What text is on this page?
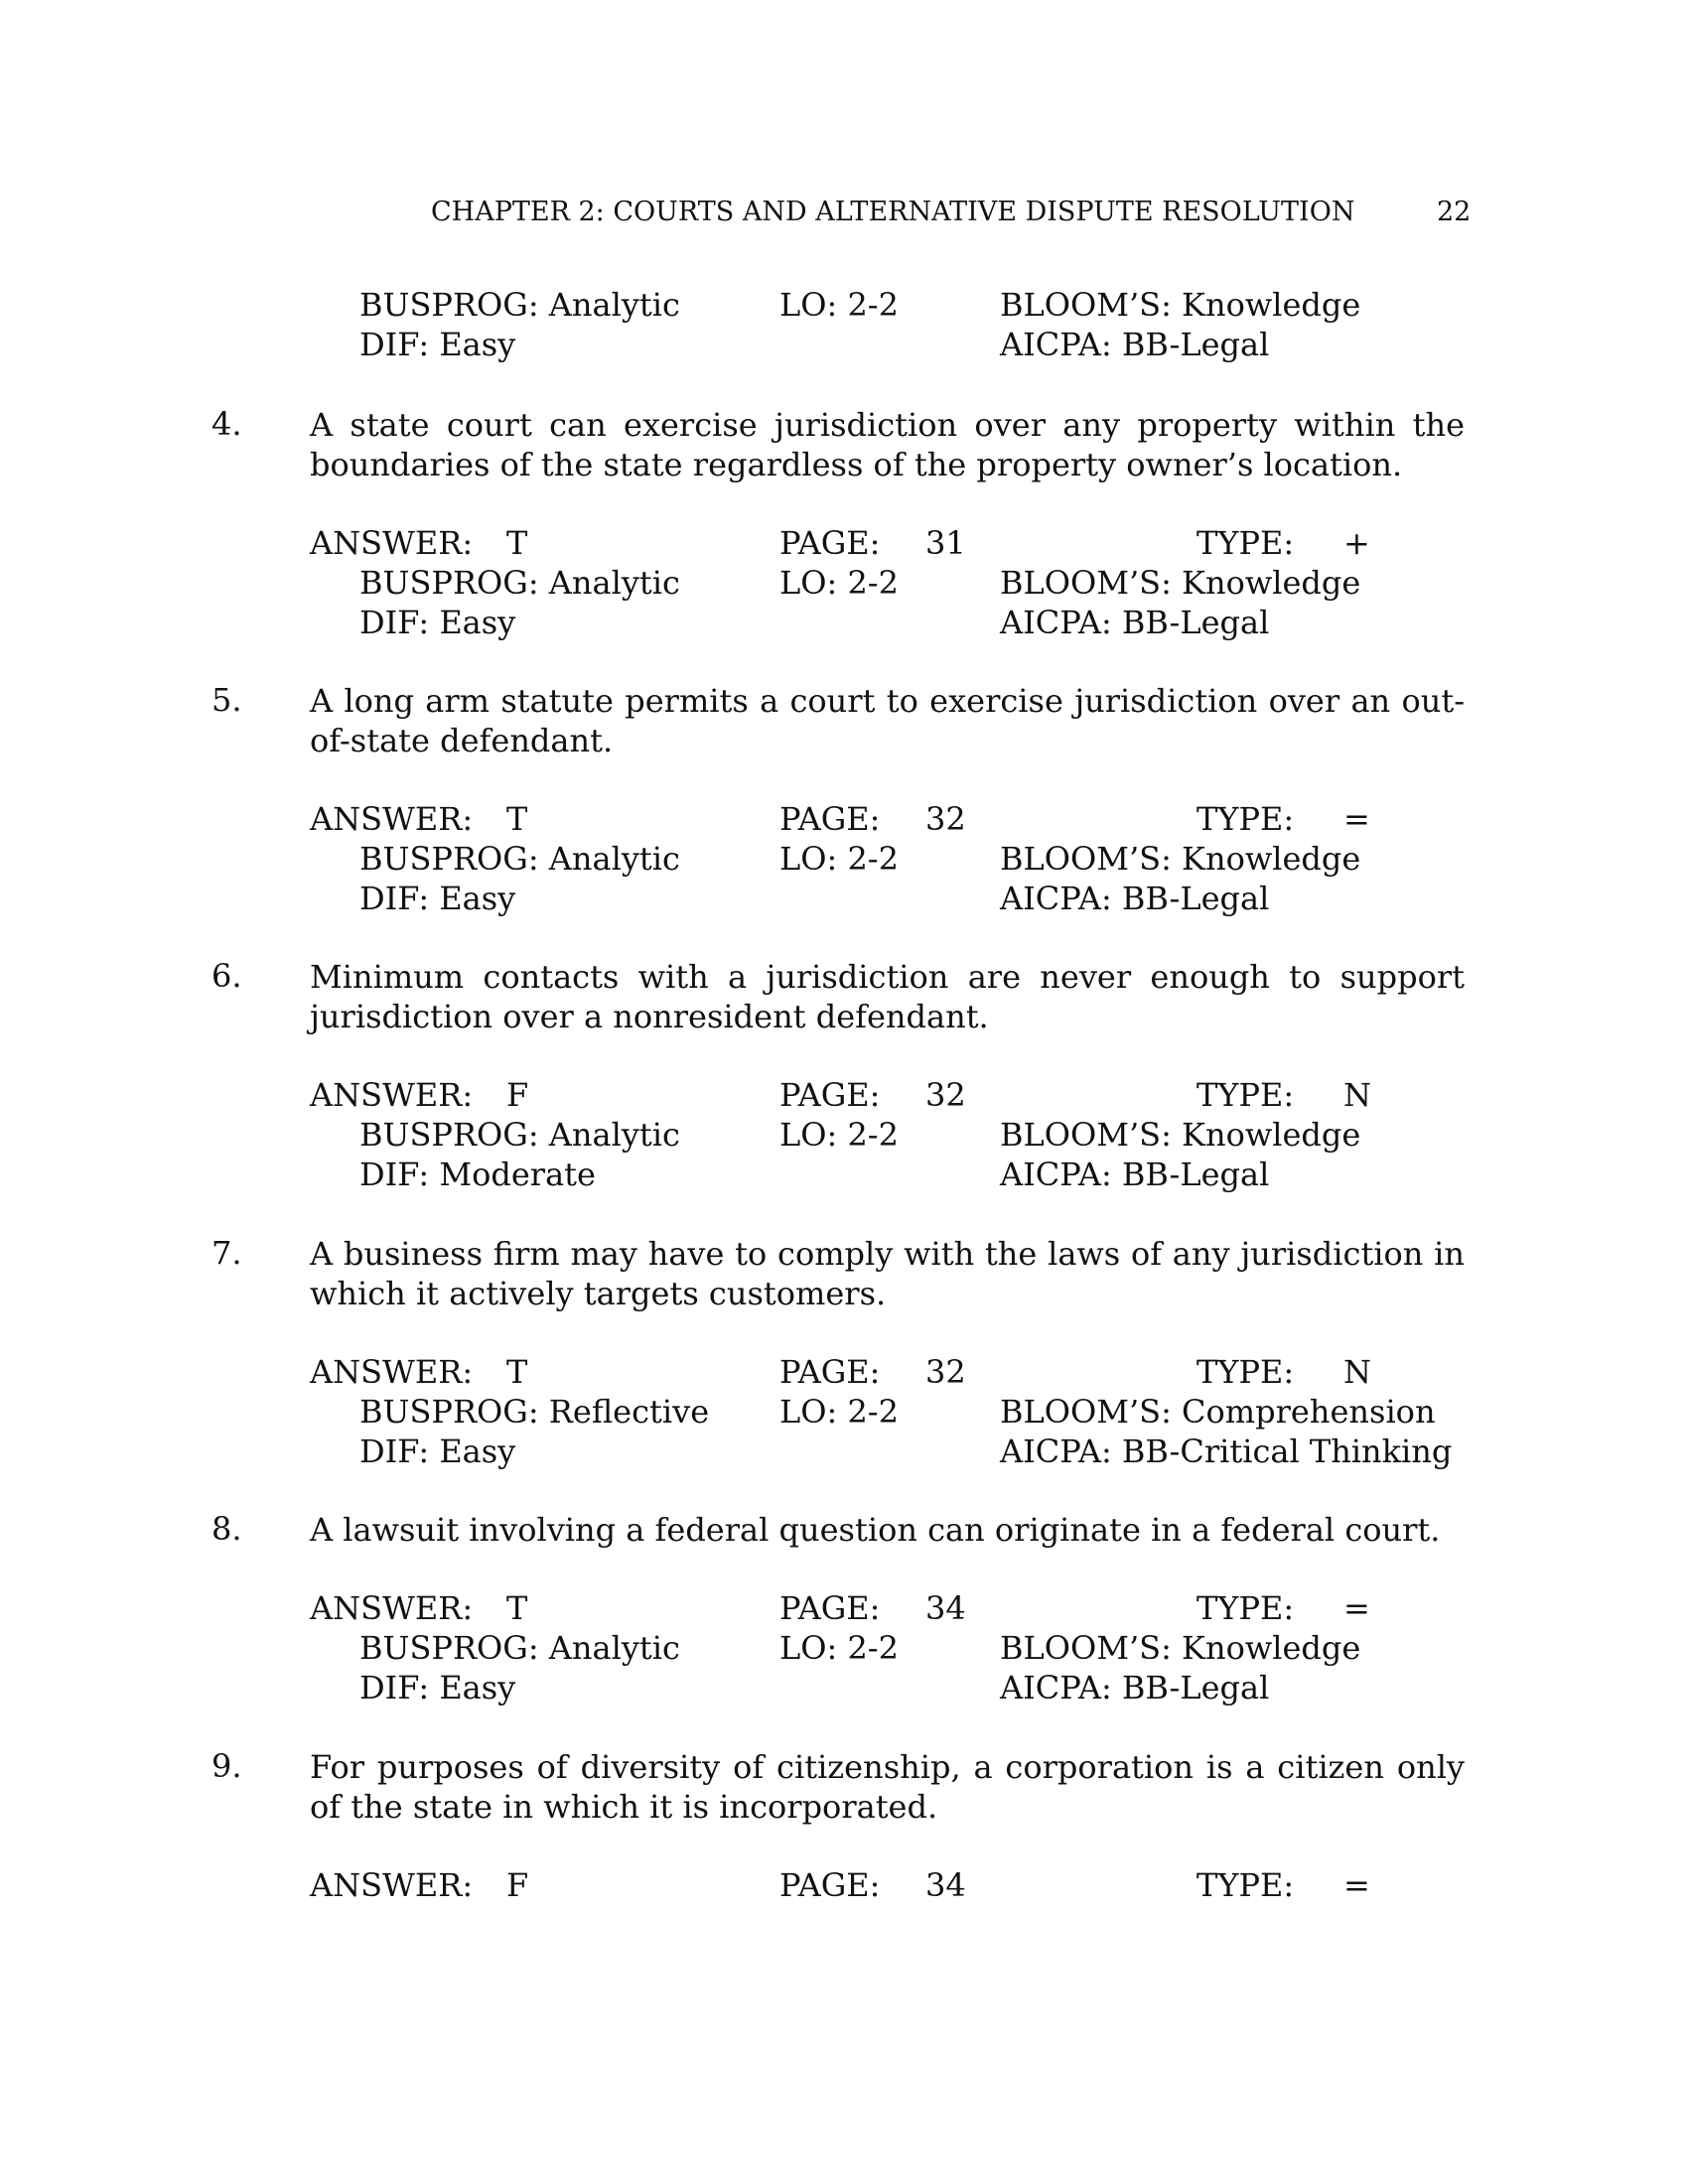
CHAPTER 2: COURTS AND ALTERNATIVE DISPUTE RESOLUTION	22
BUSPROG: Analytic	LO: 2-2	BLOOM’S: Knowledge
DIF: Easy	AICPA: BB-Legal
4. A state court can exercise jurisdiction over any property within the boundaries of the state regardless of the property owner’s location.
ANSWER: T	PAGE: 31	TYPE: +
BUSPROG: Analytic	LO: 2-2	BLOOM’S: Knowledge
DIF: Easy	AICPA: BB-Legal
5. A long arm statute permits a court to exercise jurisdiction over an out-of-state defendant.
ANSWER: T	PAGE: 32	TYPE: =
BUSPROG: Analytic	LO: 2-2	BLOOM’S: Knowledge
DIF: Easy	AICPA: BB-Legal
6. Minimum contacts with a jurisdiction are never enough to support jurisdiction over a nonresident defendant.
ANSWER: F	PAGE: 32	TYPE: N
BUSPROG: Analytic	LO: 2-2	BLOOM’S: Knowledge
DIF: Moderate	AICPA: BB-Legal
7. A business firm may have to comply with the laws of any jurisdiction in which it actively targets customers.
ANSWER: T	PAGE: 32	TYPE: N
BUSPROG: Reflective LO: 2-2	BLOOM’S: Comprehension
DIF: Easy	AICPA: BB-Critical Thinking
8. A lawsuit involving a federal question can originate in a federal court.
ANSWER: T	PAGE: 34	TYPE: =
BUSPROG: Analytic	LO: 2-2	BLOOM’S: Knowledge
DIF: Easy	AICPA: BB-Legal
9. For purposes of diversity of citizenship, a corporation is a citizen only of the state in which it is incorporated.
ANSWER: F	PAGE: 34	TYPE: =
